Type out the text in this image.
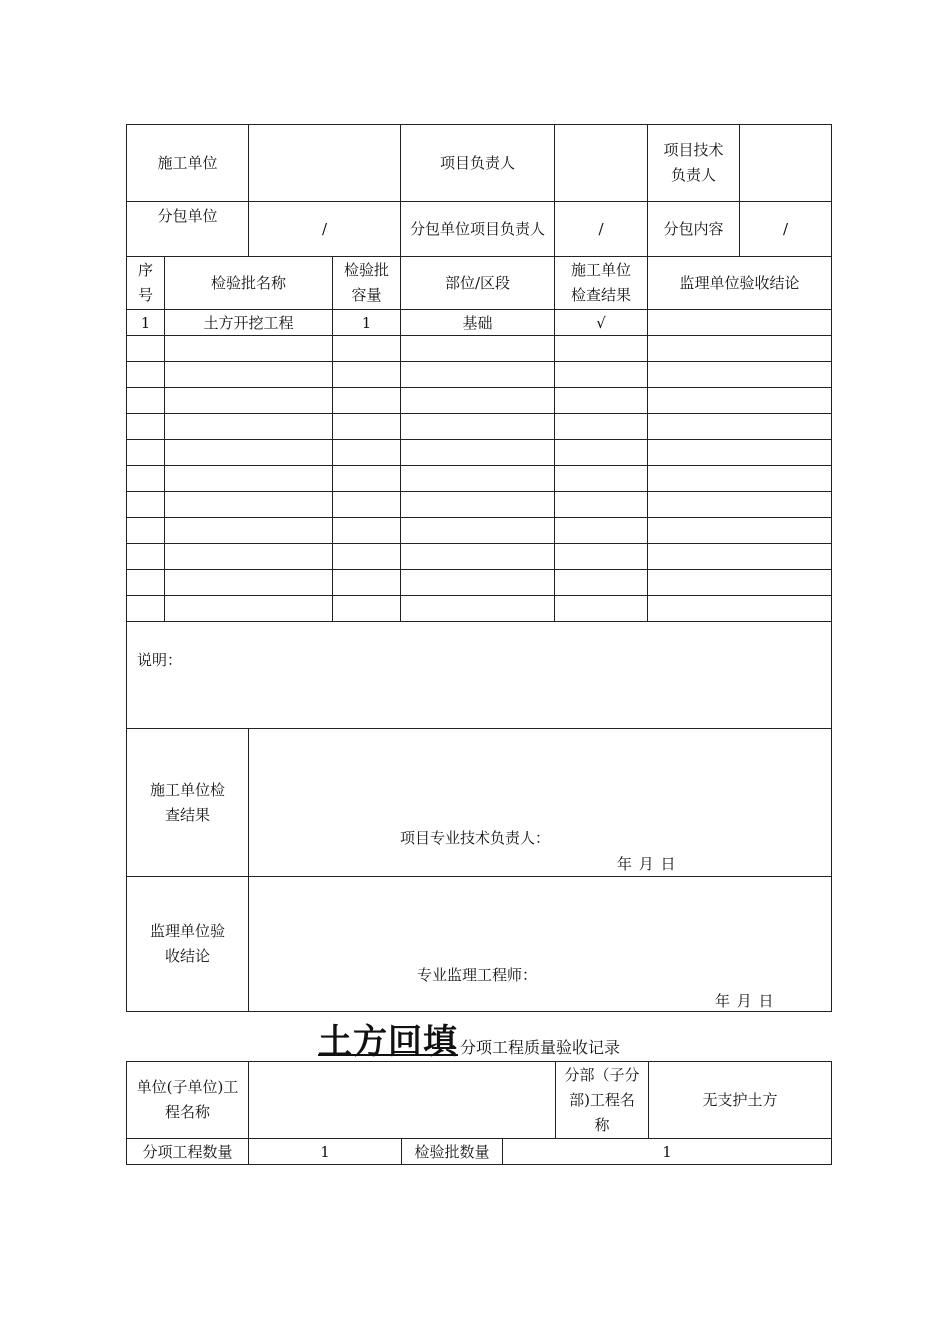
施工单位				项目负责人		项目技术负责人	
分包单位		/		分包单位项目负责人	/	分包内容	/
序号	检验批名称		检验批容量	部位/区段	施工单位检查结果	监理单位验收结论	
1	土方开挖工程		1	基础	√		

说明：							

施工单位检查结果		项目专业技术负责人：
年 月 日					

监理单位验收结论		专业监理工程师：
年 月 日					
土方回填 分项工程质量验收记录
单位(子单位)工程名称				分部（子分部)工程名称	无支护土方
分项工程数量	1	检验批数量	1		
